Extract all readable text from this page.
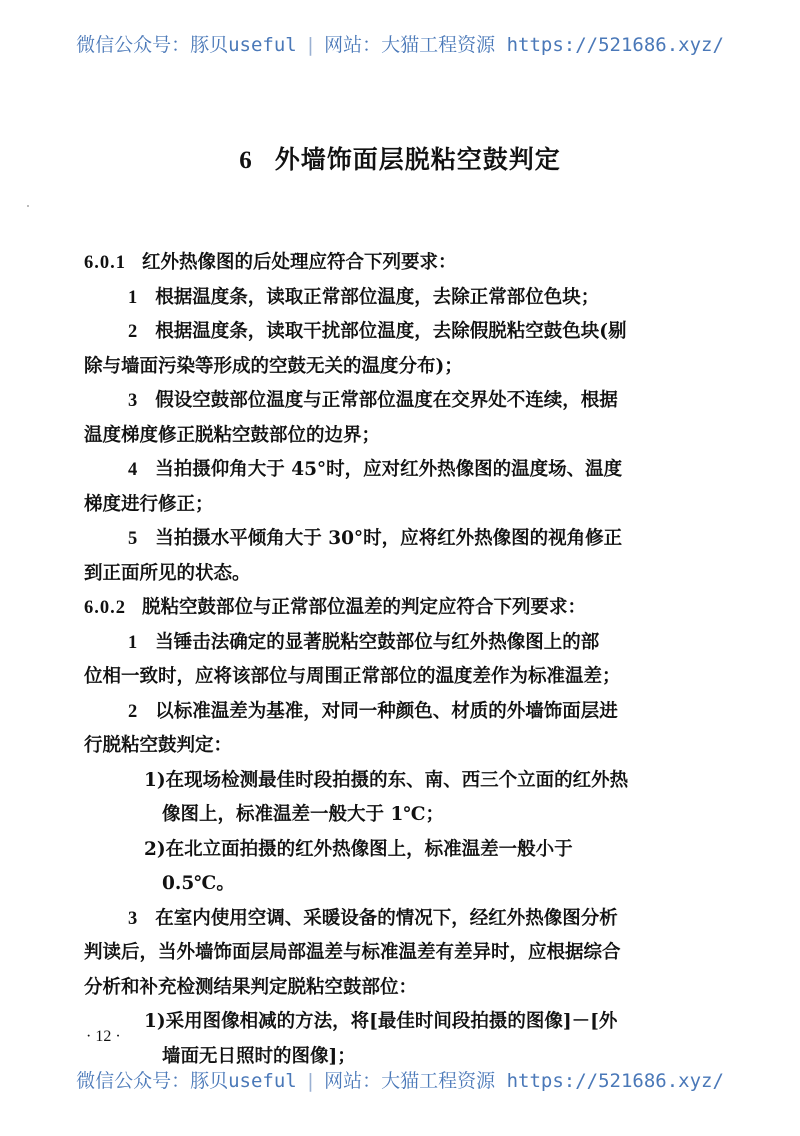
微信公众号：豚贝useful | 网站：大猫工程资源 https://521686.xyz/
6 外墙饰面层脱粘空鼓判定
6.0.1 红外热像图的后处理应符合下列要求：
1 根据温度条，读取正常部位温度，去除正常部位色块；
2 根据温度条，读取干扰部位温度，去除假脱粘空鼓色块(剔
除与墙面污染等形成的空鼓无关的温度分布)；
3 假设空鼓部位温度与正常部位温度在交界处不连续，根据
温度梯度修正脱粘空鼓部位的边界；
4 当拍摄仰角大于 45°时，应对红外热像图的温度场、温度
梯度进行修正；
5 当拍摄水平倾角大于 30°时，应将红外热像图的视角修正
到正面所见的状态。
6.0.2 脱粘空鼓部位与正常部位温差的判定应符合下列要求：
1 当锤击法确定的显著脱粘空鼓部位与红外热像图上的部
位相一致时，应将该部位与周围正常部位的温度差作为标准温差；
2 以标准温差为基准，对同一种颜色、材质的外墙饰面层进
行脱粘空鼓判定：
1)在现场检测最佳时段拍摄的东、南、西三个立面的红外热
像图上，标准温差一般大于 1℃；
2)在北立面拍摄的红外热像图上，标准温差一般小于
0.5℃。
3 在室内使用空调、采暖设备的情况下，经红外热像图分析
判读后，当外墙饰面层局部温差与标准温差有差异时，应根据综合
分析和补充检测结果判定脱粘空鼓部位：
1)采用图像相减的方法，将[最佳时间段拍摄的图像]－[外
墙面无日照时的图像]；
· 12 ·
微信公众号：豚贝useful | 网站：大猫工程资源 https://521686.xyz/
